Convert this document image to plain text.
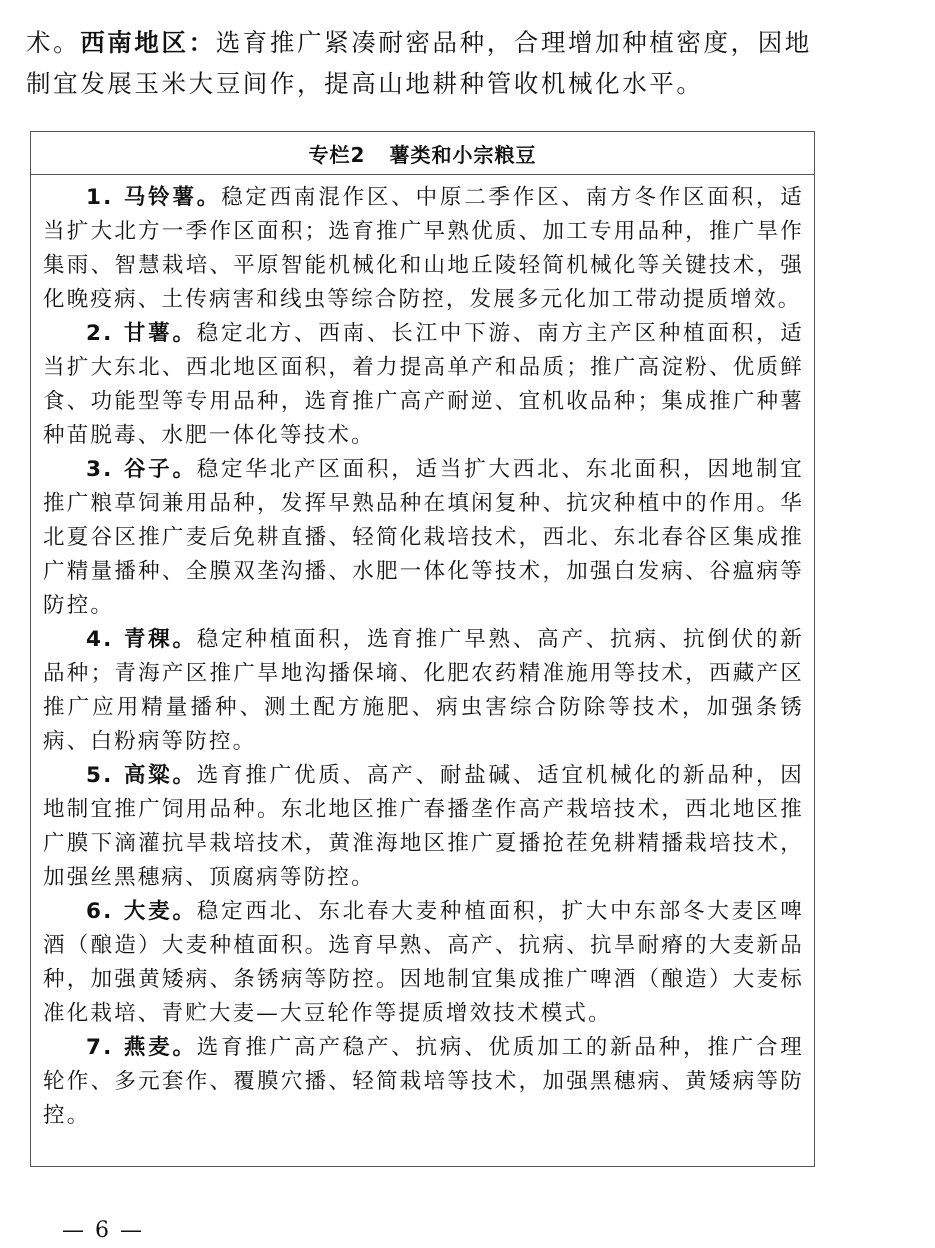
术。西南地区：选育推广紧凑耐密品种，合理增加种植密度，因地制宜发展玉米大豆间作，提高山地耕种管收机械化水平。

专栏2 薯类和小宗粮豆

1. 马铃薯。稳定西南混作区、中原二季作区、南方冬作区面积，适当扩大北方一季作区面积；选育推广早熟优质、加工专用品种，推广旱作集雨、智慧栽培、平原智能机械化和山地丘陵轻简机械化等关键技术，强化晚疫病、土传病害和线虫等综合防控，发展多元化加工带动提质增效。

2. 甘薯。稳定北方、西南、长江中下游、南方主产区种植面积，适当扩大东北、西北地区面积，着力提高单产和品质；推广高淀粉、优质鲜食、功能型等专用品种，选育推广高产耐逆、宜机收品种；集成推广种薯种苗脱毒、水肥一体化等技术。

3. 谷子。稳定华北产区面积，适当扩大西北、东北面积，因地制宜推广粮草饲兼用品种，发挥早熟品种在填闲复种、抗灾种植中的作用。华北夏谷区推广麦后免耕直播、轻简化栽培技术，西北、东北春谷区集成推广精量播种、全膜双垄沟播、水肥一体化等技术，加强白发病、谷瘟病等防控。

4. 青稞。稳定种植面积，选育推广早熟、高产、抗病、抗倒伏的新品种；青海产区推广旱地沟播保墒、化肥农药精准施用等技术，西藏产区推广应用精量播种、测土配方施肥、病虫害综合防除等技术，加强条锈病、白粉病等防控。

5. 高粱。选育推广优质、高产、耐盐碱、适宜机械化的新品种，因地制宜推广饲用品种。东北地区推广春播垄作高产栽培技术，西北地区推广膜下滴灌抗旱栽培技术，黄淮海地区推广夏播抢茬免耕精播栽培技术，加强丝黑穗病、顶腐病等防控。

6. 大麦。稳定西北、东北春大麦种植面积，扩大中东部冬大麦区啤酒（酿造）大麦种植面积。选育早熟、高产、抗病、抗旱耐瘠的大麦新品种，加强黄矮病、条锈病等防控。因地制宜集成推广啤酒（酿造）大麦标准化栽培、青贮大麦—大豆轮作等提质增效技术模式。

7. 燕麦。选育推广高产稳产、抗病、优质加工的新品种，推广合理轮作、多元套作、覆膜穴播、轻简栽培等技术，加强黑穗病、黄矮病等防控。

— 6 —
